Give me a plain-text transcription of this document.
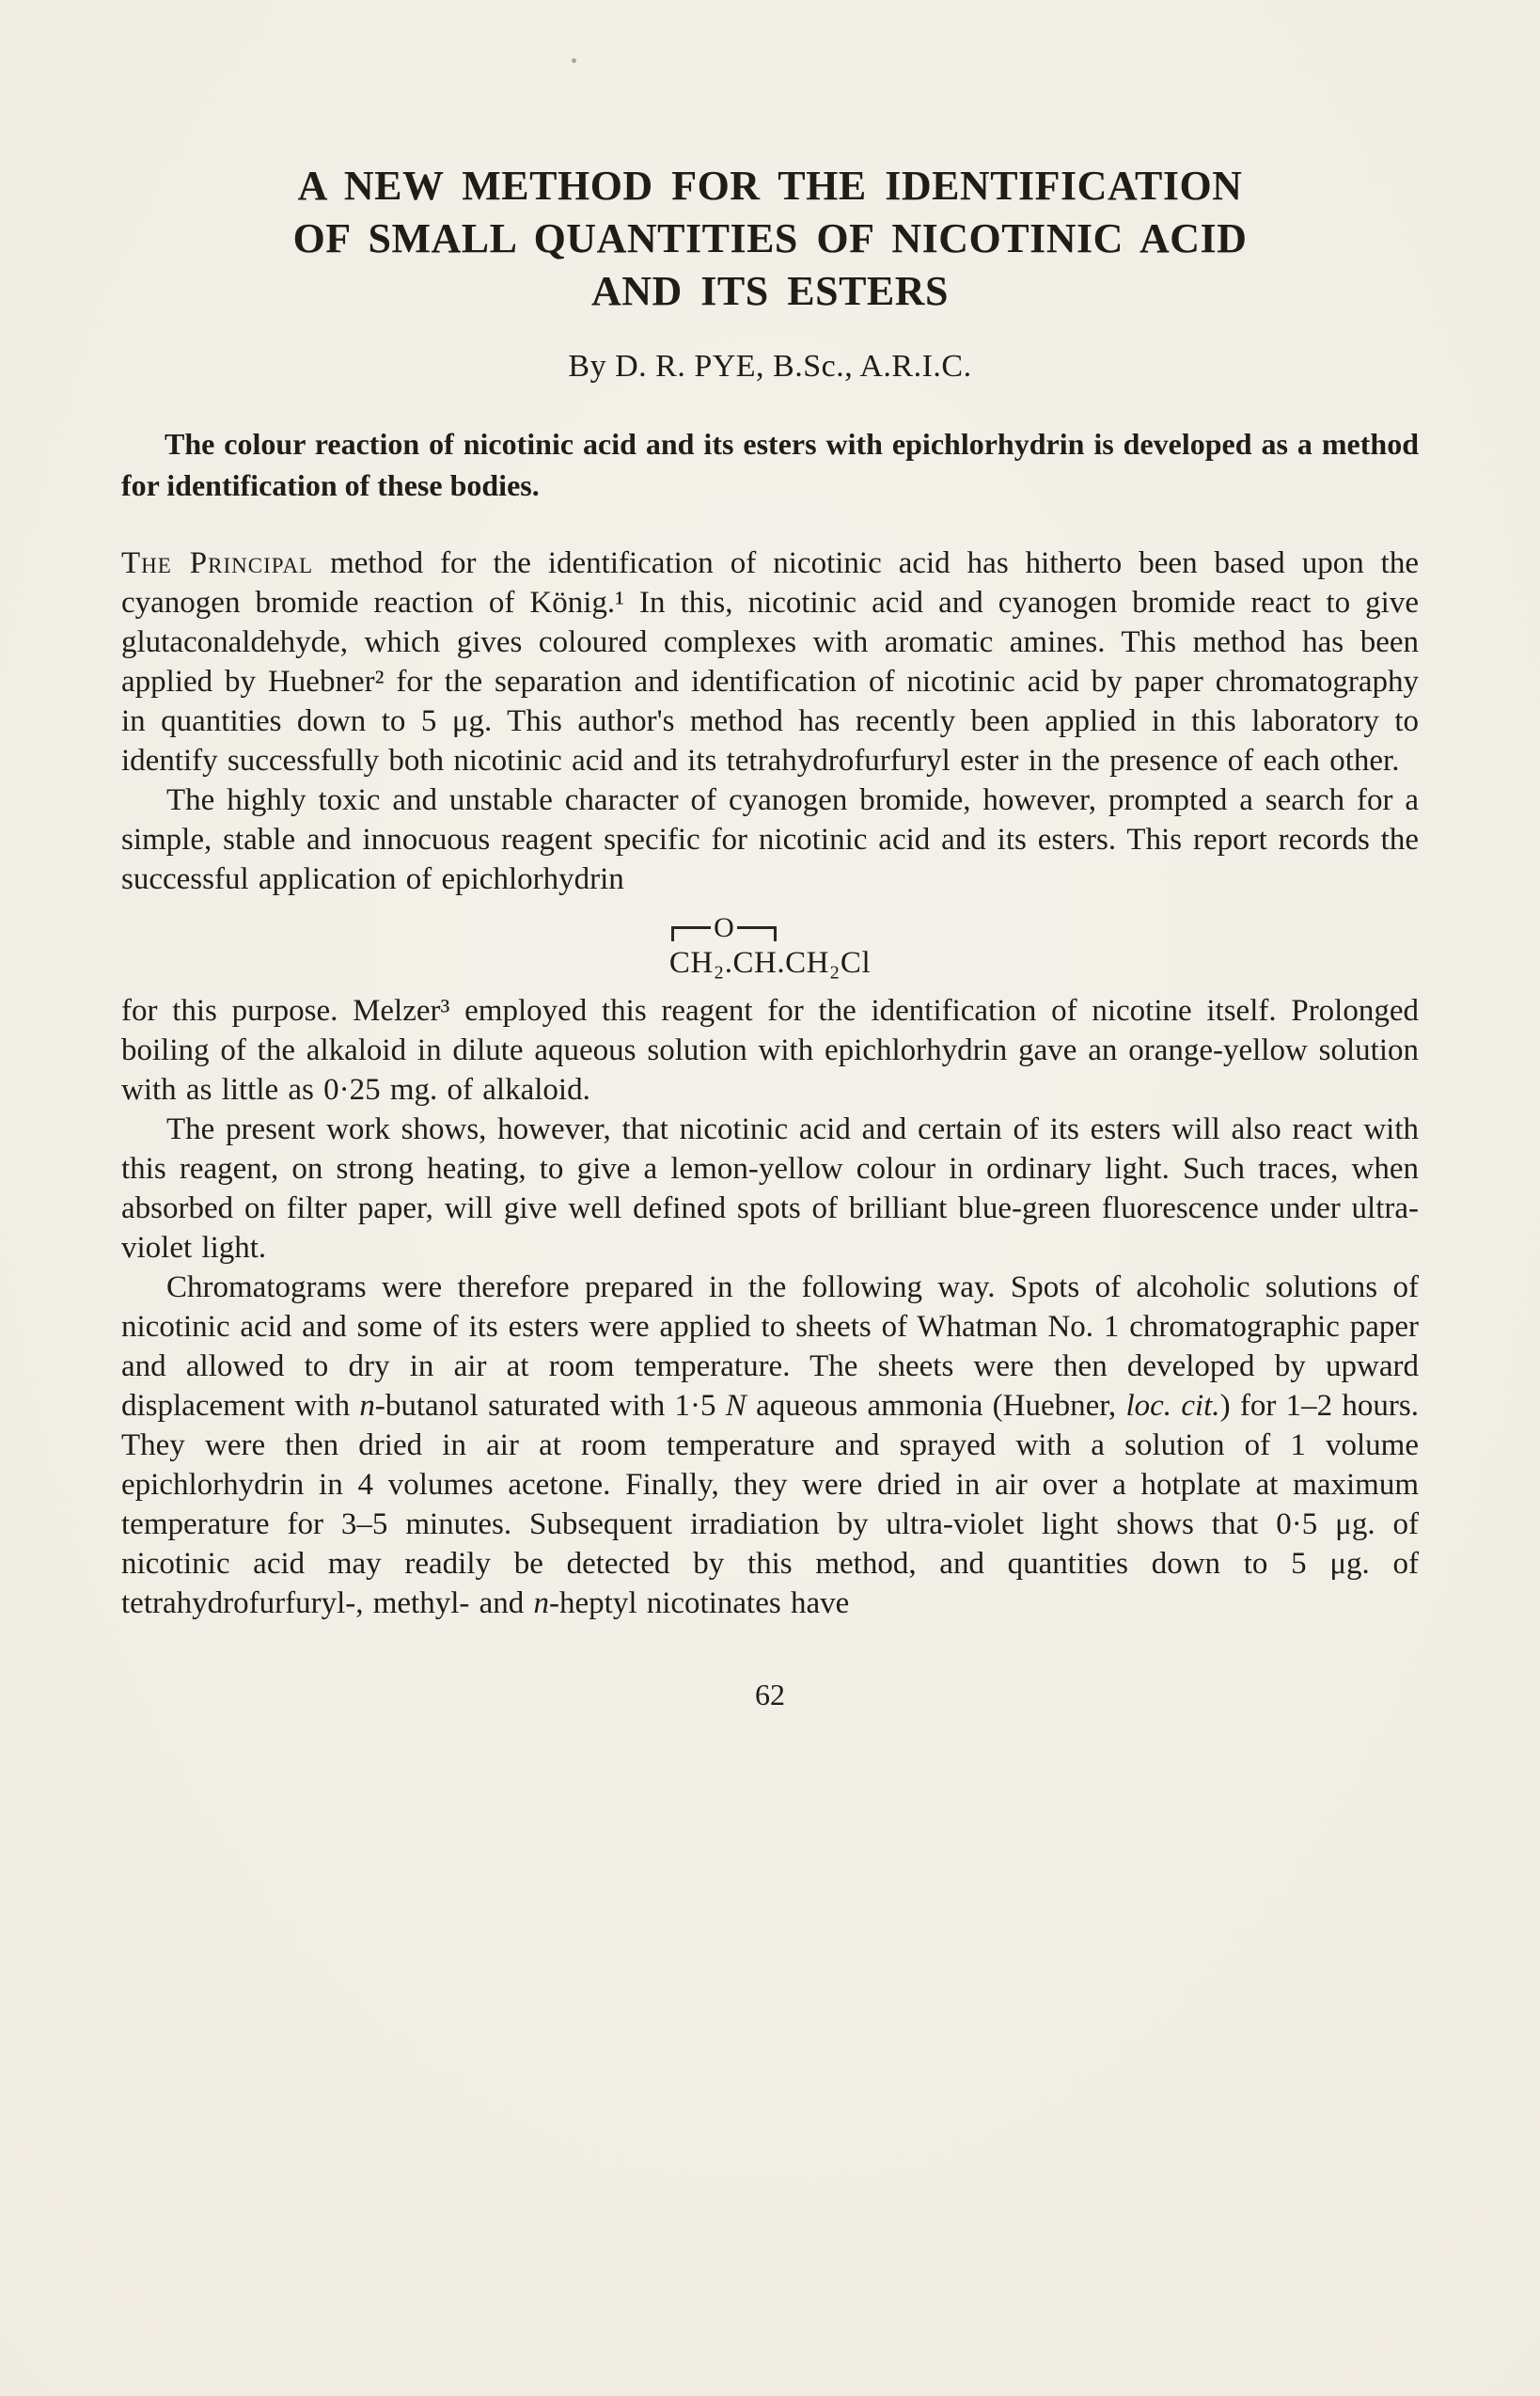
A NEW METHOD FOR THE IDENTIFICATION
OF SMALL QUANTITIES OF NICOTINIC ACID
AND ITS ESTERS
By D. R. PYE, B.Sc., A.R.I.C.

The colour reaction of nicotinic acid and its esters with epichlorhydrin is developed as a method for identification of these bodies.

The Principal method for the identification of nicotinic acid has hitherto been based upon the cyanogen bromide reaction of König.¹ In this, nicotinic acid and cyanogen bromide react to give glutaconaldehyde, which gives coloured complexes with aromatic amines. This method has been applied by Huebner² for the separation and identification of nicotinic acid by paper chromatography in quantities down to 5 μg. This author's method has recently been applied in this laboratory to identify successfully both nicotinic acid and its tetrahydrofurfuryl ester in the presence of each other.

The highly toxic and unstable character of cyanogen bromide, however, prompted a search for a simple, stable and innocuous reagent specific for nicotinic acid and its esters. This report records the successful application of epichlorhydrin

O
CH₂.CH.CH₂Cl

for this purpose. Melzer³ employed this reagent for the identification of nicotine itself. Prolonged boiling of the alkaloid in dilute aqueous solution with epichlorhydrin gave an orange-yellow solution with as little as 0·25 mg. of alkaloid.

The present work shows, however, that nicotinic acid and certain of its esters will also react with this reagent, on strong heating, to give a lemon-yellow colour in ordinary light. Such traces, when absorbed on filter paper, will give well defined spots of brilliant blue-green fluorescence under ultra-violet light.

Chromatograms were therefore prepared in the following way. Spots of alcoholic solutions of nicotinic acid and some of its esters were applied to sheets of Whatman No. 1 chromatographic paper and allowed to dry in air at room temperature. The sheets were then developed by upward displacement with n-butanol saturated with 1·5 N aqueous ammonia (Huebner, loc. cit.) for 1–2 hours. They were then dried in air at room temperature and sprayed with a solution of 1 volume epichlorhydrin in 4 volumes acetone. Finally, they were dried in air over a hotplate at maximum temperature for 3–5 minutes. Subsequent irradiation by ultra-violet light shows that 0·5 μg. of nicotinic acid may readily be detected by this method, and quantities down to 5 μg. of tetrahydrofurfuryl-, methyl- and n-heptyl nicotinates have

62
